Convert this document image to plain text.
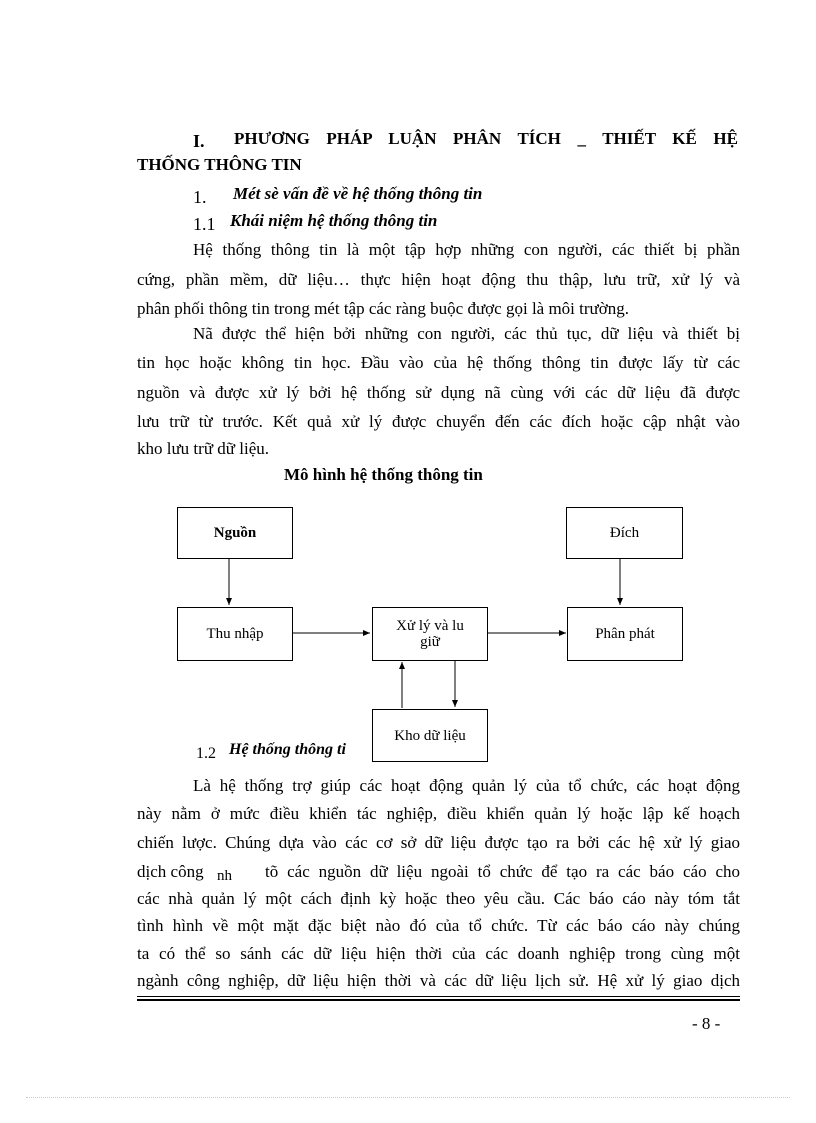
I. PHƯƠNG PHÁP LUẬN PHÂN TÍCH _ THIẾT KẾ HỆ
THỐNG THÔNG TIN
1. Mét sè vấn đề về hệ thống thông tin
1.1 Khái niệm hệ thống thông tin
Hệ thống thông tin là một tập hợp những con người, các thiết bị phần
cứng, phần mềm, dữ liệu… thực hiện hoạt động thu thập, lưu trữ, xử lý và
phân phối thông tin trong mét tập các ràng buộc được gọi là môi trường.
Nã được thể hiện bởi những con người, các thủ tục, dữ liệu và thiết bị
tin học hoặc không tin học. Đầu vào của hệ thống thông tin được lấy từ các
nguồn và được xử lý bởi hệ thống sử dụng nã cùng với các dữ liệu đã được
lưu trữ từ trước. Kết quả xử lý được chuyển đến các đích hoặc cập nhật vào
kho lưu trữ dữ liệu.
Mô hình hệ thống thông tin
Nguồn	Đích
Thu nhập	Xử lý và lu
giữ	Phân phát
1.2 Hệ thống thông ti
Kho dữ liệu
Là hệ thống trợ giúp các hoạt động quản lý của tổ chức, các hoạt động
này nằm ở mức điều khiển tác nghiệp, điều khiển quản lý hoặc lập kế hoạch
chiến lược. Chúng dựa vào các cơ sở dữ liệu được tạo ra bởi các hệ xử lý giao
dịch công nh tõ các nguồn dữ liệu ngoài tổ chức để tạo ra các báo cáo cho
các nhà quản lý một cách định kỳ hoặc theo yêu cầu. Các báo cáo này tóm tắt
tình hình về một mặt đặc biệt nào đó của tổ chức. Từ các báo cáo này chúng
ta có thể so sánh các dữ liệu hiện thời của các doanh nghiệp trong cùng một
ngành công nghiệp, dữ liệu hiện thời và các dữ liệu lịch sử. Hệ xử lý giao dịch
- 8 -
